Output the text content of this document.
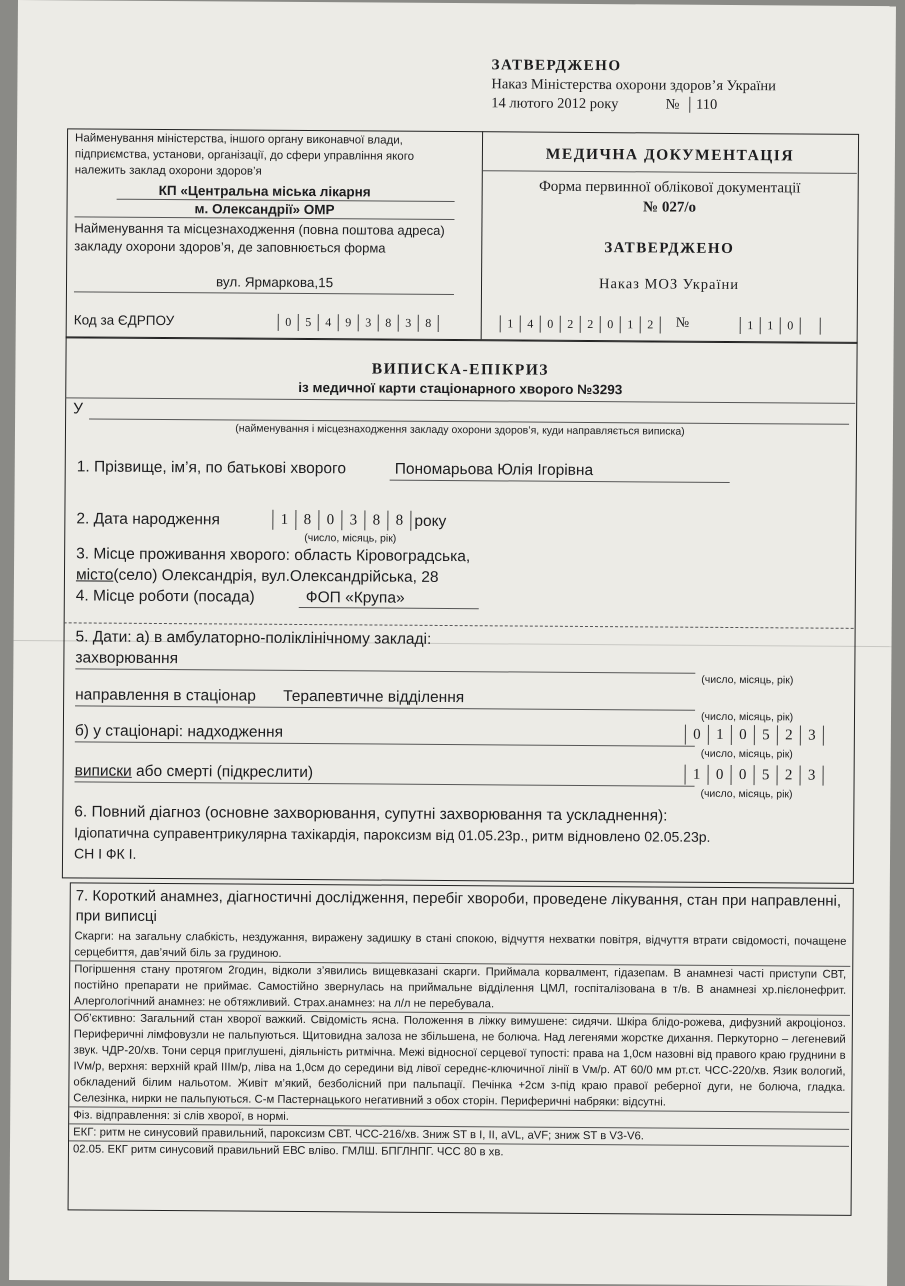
ЗАТВЕРДЖЕНО
Наказ Міністерства охорони здоров’я України
14 лютого 2012 року	№ 110
Найменування міністерства, іншого органу виконавчої влади, підприємства, установи, організації, до сфери управління якого належить заклад охорони здоров’я
КП «Центральна міська лікарня
м. Олександрії» ОМР
Найменування та місцезнаходження (повна поштова адреса) закладу охорони здоров’я, де заповнюється форма
вул. Ярмаркова,15
Код за ЄДРПОУ	0	5	4	9	3	8	3	8
МЕДИЧНА ДОКУМЕНТАЦІЯ
Форма первинної облікової документації
№ 027/о
ЗАТВЕРДЖЕНО
Наказ МОЗ України
1	4	0	2	2	0	1	2	№	1	1	0
ВИПИСКА-ЕПІКРИЗ
із медичної карти стаціонарного хворого №3293
У
(найменування і місцезнаходження закладу охорони здоров’я, куди направляється виписка)
1. Прізвище, ім’я, по батькові хворого	Пономарьова Юлія Ігорівна
2. Дата народження	1	8	0	3	8	8 року
(число, місяць, рік)
3. Місце проживання хворого: область Кіровоградська,
місто(село) Олександрія, вул.Олександрійська, 28
4. Місце роботи (посада)	ФОП «Крупа»
5. Дати: а) в амбулаторно-поліклінічному закладі:
захворювання
(число, місяць, рік)
направлення в стаціонар Терапевтичне відділення
(число, місяць, рік)
б) у стаціонарі: надходження	0	1	0	5	2	3
(число, місяць, рік)
виписки або смерті (підкреслити)	1	0	0	5	2	3
(число, місяць, рік)
6. Повний діагноз (основне захворювання, супутні захворювання та ускладнення):
Ідіопатична суправентрикулярна тахікардія, пароксизм від 01.05.23р., ритм відновлено 02.05.23р.
СН І ФК І.
7. Короткий анамнез, діагностичні дослідження, перебіг хвороби, проведене лікування, стан при направленні, при виписці

Скарги: на загальну слабкість, нездужання, виражену задишку в стані спокою, відчуття нехватки повітря, відчуття втрати свідомості, почащене серцебиття, дав’ячий біль за грудиною.

Погіршення стану протягом 2годин, відколи з’явились вищевказані скарги. Приймала корвалмент, гідазепам. В анамнезі часті приступи СВТ, постійно препарати не приймає. Самостійно звернулась на приймальне відділення ЦМЛ, госпіталізована в т/в. В анамнезі хр.пієлонефрит. Алергологічний анамнез: не обтяжливий. Страх.анамнез: на л/л не перебувала.

Об’єктивно: Загальний стан хворої важкий. Свідомість ясна. Положення в ліжку вимушене: сидячи. Шкіра блідо-рожева, дифузний акроціоноз. Периферичні лімфовузли не пальпуються. Щитовидна залоза не збільшена, не болюча. Над легенями жорстке дихання. Перкуторно – легеневий звук. ЧДР-20/хв. Тони серця приглушені, діяльність ритмічна. Межі відносної серцевої тупості: права на 1,0см назовні від правого краю груднини в IVм/р, верхня: верхній край ІІІм/р, ліва на 1,0см до середини від лівої середнє-ключичної лінії в Vм/р. АТ 60/0 мм рт.ст. ЧСС-220/хв. Язик вологий, обкладений білим нальотом. Живіт м’який, безболісний при пальпації. Печінка +2см з-під краю правої реберної дуги, не болюча, гладка. Селезінка, нирки не пальпуються. С-м Пастернацького негативний з обох сторін. Периферичні набряки: відсутні.

Фіз. відправлення: зі слів хворої, в нормі.

ЕКГ: ритм не синусовий правильний, пароксизм СВТ. ЧСС-216/хв. Зниж ST в І, ІІ, aVL, aVF; зниж ST в V3-V6.

02.05. ЕКГ ритм синусовий правильний ЕВС вліво. ГМЛШ. БПГЛНПГ. ЧСС 80 в хв.
